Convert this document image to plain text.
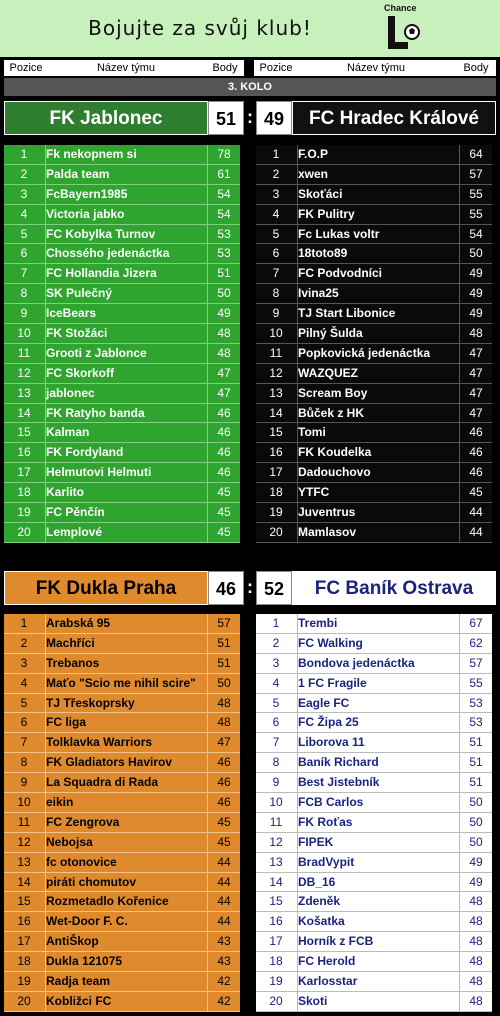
Bojujte za svůj klub!
Chance
Pozice	Název týmu	Body	Pozice	Název týmu	Body
3. KOLO
FK Jablonec	51 : 49	FC Hradec Králové
1	Fk nekopnem si	78
2	Palda team	61
3	FcBayern1985	54
4	Victoria jabko	54
5	FC Kobylka Turnov	53
6	Chosséhо jedenáctka	53
7	FC Hollandia Jizera	51
8	SK Pulečný	50
9	IceBears	49
10	FK Stožáci	48
11	Grooti z Jablonce	48
12	FC Skorkoff	47
13	jablonec	47
14	FK Ratyho banda	46
15	Kalman	46
16	FK Fordyland	46
17	Helmutovi Helmuti	46
18	Karlito	45
19	FC Pěnčín	45
20	Lemplové	45
1	F.O.P	64
2	xwen	57
3	Skoťáci	55
4	FK Pulitry	55
5	Fc Lukas voltr	54
6	18toto89	50
7	FC Podvodníci	49
8	Ivina25	49
9	TJ Start Libonice	49
10	Pilný Šulda	48
11	Popkovická jedenáctka	47
12	WAZQUEZ	47
13	Scream Boy	47
14	Bůček z HK	47
15	Tomi	46
16	FK Koudelka	46
17	Dadouchovo	46
18	YTFC	45
19	Juventrus	44
20	Mamlasov	44
FK Dukla Praha	46 : 52	FC Baník Ostrava
1	Arabská 95	57
2	Machříci	51
3	Trebanos	51
4	Maťo "Scio me nihil scire"	50
5	TJ Třeskoprsky	48
6	FC liga	48
7	Tolklavka Warriors	47
8	FK Gladiators Havirov	46
9	La Squadra di Rada	46
10	eikin	46
11	FC Zengrova	45
12	Nebojsa	45
13	fc otonovice	44
14	piráti chomutov	44
15	Rozmetadlo Kořenice	44
16	Wet-Door F. C.	44
17	AntiŠkop	43
18	Dukla 121075	43
19	Radja team	42
20	Kobližci FC	42
1	Trembi	67
2	FC Walking	62
3	Bondova jedenáctka	57
4	1 FC Fragile	55
5	Eagle FC	53
6	FC Žipa 25	53
7	Liborova 11	51
8	Baník Richard	51
9	Best Jistebník	51
10	FCB Carlos	50
11	FK Roťas	50
12	FIPEK	50
13	BradVypit	49
14	DB_16	49
15	Zdeněk	48
16	Košatka	48
17	Horník z FCB	48
18	FC Herold	48
19	Karlosstar	48
20	Skoti	48
